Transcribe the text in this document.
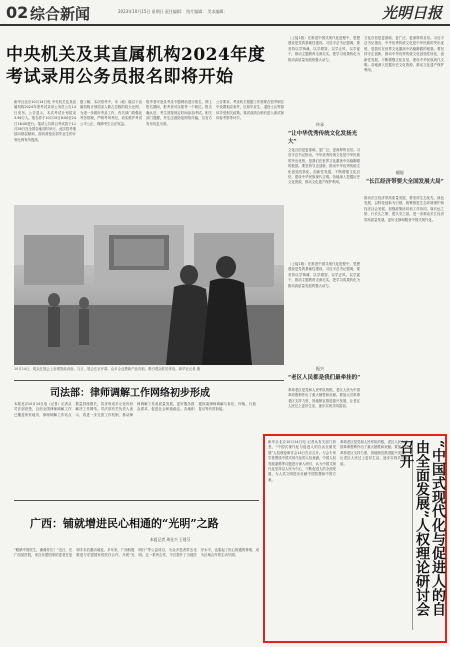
02 综合新闻	2023年10月15日 星期日 责任编辑： 图片编辑： 美术编辑：	光明日报
中央机关及其直属机构2024年度
考试录用公务员报名即将开始
新华社北京10月14日电 中央机关及其直属机构2024年度考试录用公务员公告14日发布。公告显示，本次考试计划招录3.96万人。报名将于10月15日8:00至24日18:00进行。笔试公共科目考试将于11月26日在全国各地同时举行。此次招考继续向基层倾斜，面向高校应届毕业生的计划比例有所提高。
据了解，本次招考中，市（地）级以下直属机构计划招录人数占总数的较大比例。为进一步做好考录工作，有关部门将强化考务管理，严明考风考纪，切实维护考试公平公正，保障考生合法权益。
报考者可登录考录专题网站进行报名，网上报名期间，报考者可以报考一个职位。报名确认后，考生须按规定时间参加考试。相关部门提醒，考生注意防范网络诈骗，以官方发布信息为准。
公告要求，考录机关根据工作需要在招考职位中设置相应条件，应届毕业生、退役士兵等群体享受相关政策。笔试成绩合格后进入面试和体检考察等环节。
10月14日，观众在展会上参观智能设备。当日，展会在京开幕，众多企业携新产品亮相，吸引观众驻足体验。新华社记者 摄
司法部：律师调解工作网络初步形成
本报北京10月14日电（记者）记者从司法部获悉，目前全国律师调解工作已覆盖所有地市，律师调解工作站点数量持续增长，初步形成多元化纠纷解决工作网络。司法部有关负责人表示，将进一步完善工作机制，推动律师调解工作高质量发展，更好服务群众需求，促进社会和谐稳定。各地积极探索律师调解与诉讼、仲裁、行政复议等有效衔接。
广西：铺就增进民心相通的“光明”之路
本报记者 周仕兴 王建芬
“眼睛中国医生，谢谢你们！”近日，在广西某医院，来自东盟国家的患者在复明手术后激动地说。多年来，广西积极推进与东盟国家的医疗合作，开展“光明行”等公益项目，为众多患者带去光明。这一系列合作，不仅提升了当地医疗水平，也架起了民心相通的桥梁，成为区域合作的生动写照。
（上接1版）在推进中国式现代化进程中，思想建设是党的基础性建设。习近平总书记强调，要坚持以学铸魂、以学增智、以学正风、以学促干，推动主题教育走深走实，把学习成果转化为推动高质量发展的强大动力。
文化自信是更基础、更广泛、更深厚的自信。习近平总书记指出，中华优秀传统文化是中华民族的突出优势，是我们在世界文化激荡中站稳脚跟的根基。要坚持守正创新，推动中华优秀传统文化创造性转化、创新性发展，不断增强文化自信，建设中华民族现代文明。各地深入挖掘历史文化资源，推动文化遗产保护利用。
传承
“让中华优秀传统文化发扬光大”
文化自信是更基础、更广泛、更深厚的自信。习近平总书记指出，中华优秀传统文化是中华民族的突出优势，是我们在世界文化激荡中站稳脚跟的根基。要坚持守正创新，推动中华优秀传统文化创造性转化、创新性发展，不断增强文化自信，建设中华民族现代文明。各地深入挖掘历史文化资源，推动文化遗产保护利用。
赋能
“长江经济带要大全国发展大局”
推动长江经济带高质量发展，要坚持生态优先、绿色发展，以科技创新为引领，统筹推进生态环境保护和经济社会发展，加强政策协同和工作协同，谋长远之势、行长久之策、建久安之基，进一步推动长江经济带高质量发展，更好支撑和服务中国式现代化。
（上接1版）在推进中国式现代化进程中，思想建设是党的基础性建设。习近平总书记强调，要坚持以学铸魂、以学增智、以学正风、以学促干，推动主题教育走深走实，把学习成果转化为推动高质量发展的强大动力。
振兴
“老区人民都是我们最牵挂的”
革命老区是党和人民军队的根，老区人民为中国革命胜利作出了重大牺牲和贡献。要加大对革命老区支持力度，因地制宜推进振兴发展，让老区人民过上更好生活，逐步实现共同富裕。
新华社北京10月14日电 记者从有关部门获悉，“中国式现代化与促进人的自由全面发展”人权理论研讨会14日在京召开。与会专家学者围绕中国式现代化的人权意涵、中国人权发展道路等议题进行深入研讨，认为中国式现代化坚持以人民为中心，不断促进人的全面发展，为人类文明进步贡献中国智慧和中国方案。
革命老区是党和人民军队的根，老区人民为中国革命胜利作出了重大牺牲和贡献。要加大对革命老区支持力度，因地制宜推进振兴发展，让老区人民过上更好生活，逐步实现共同富裕。	“中国式现代化与促进人的自由全面发展”人权理论研讨会召开
